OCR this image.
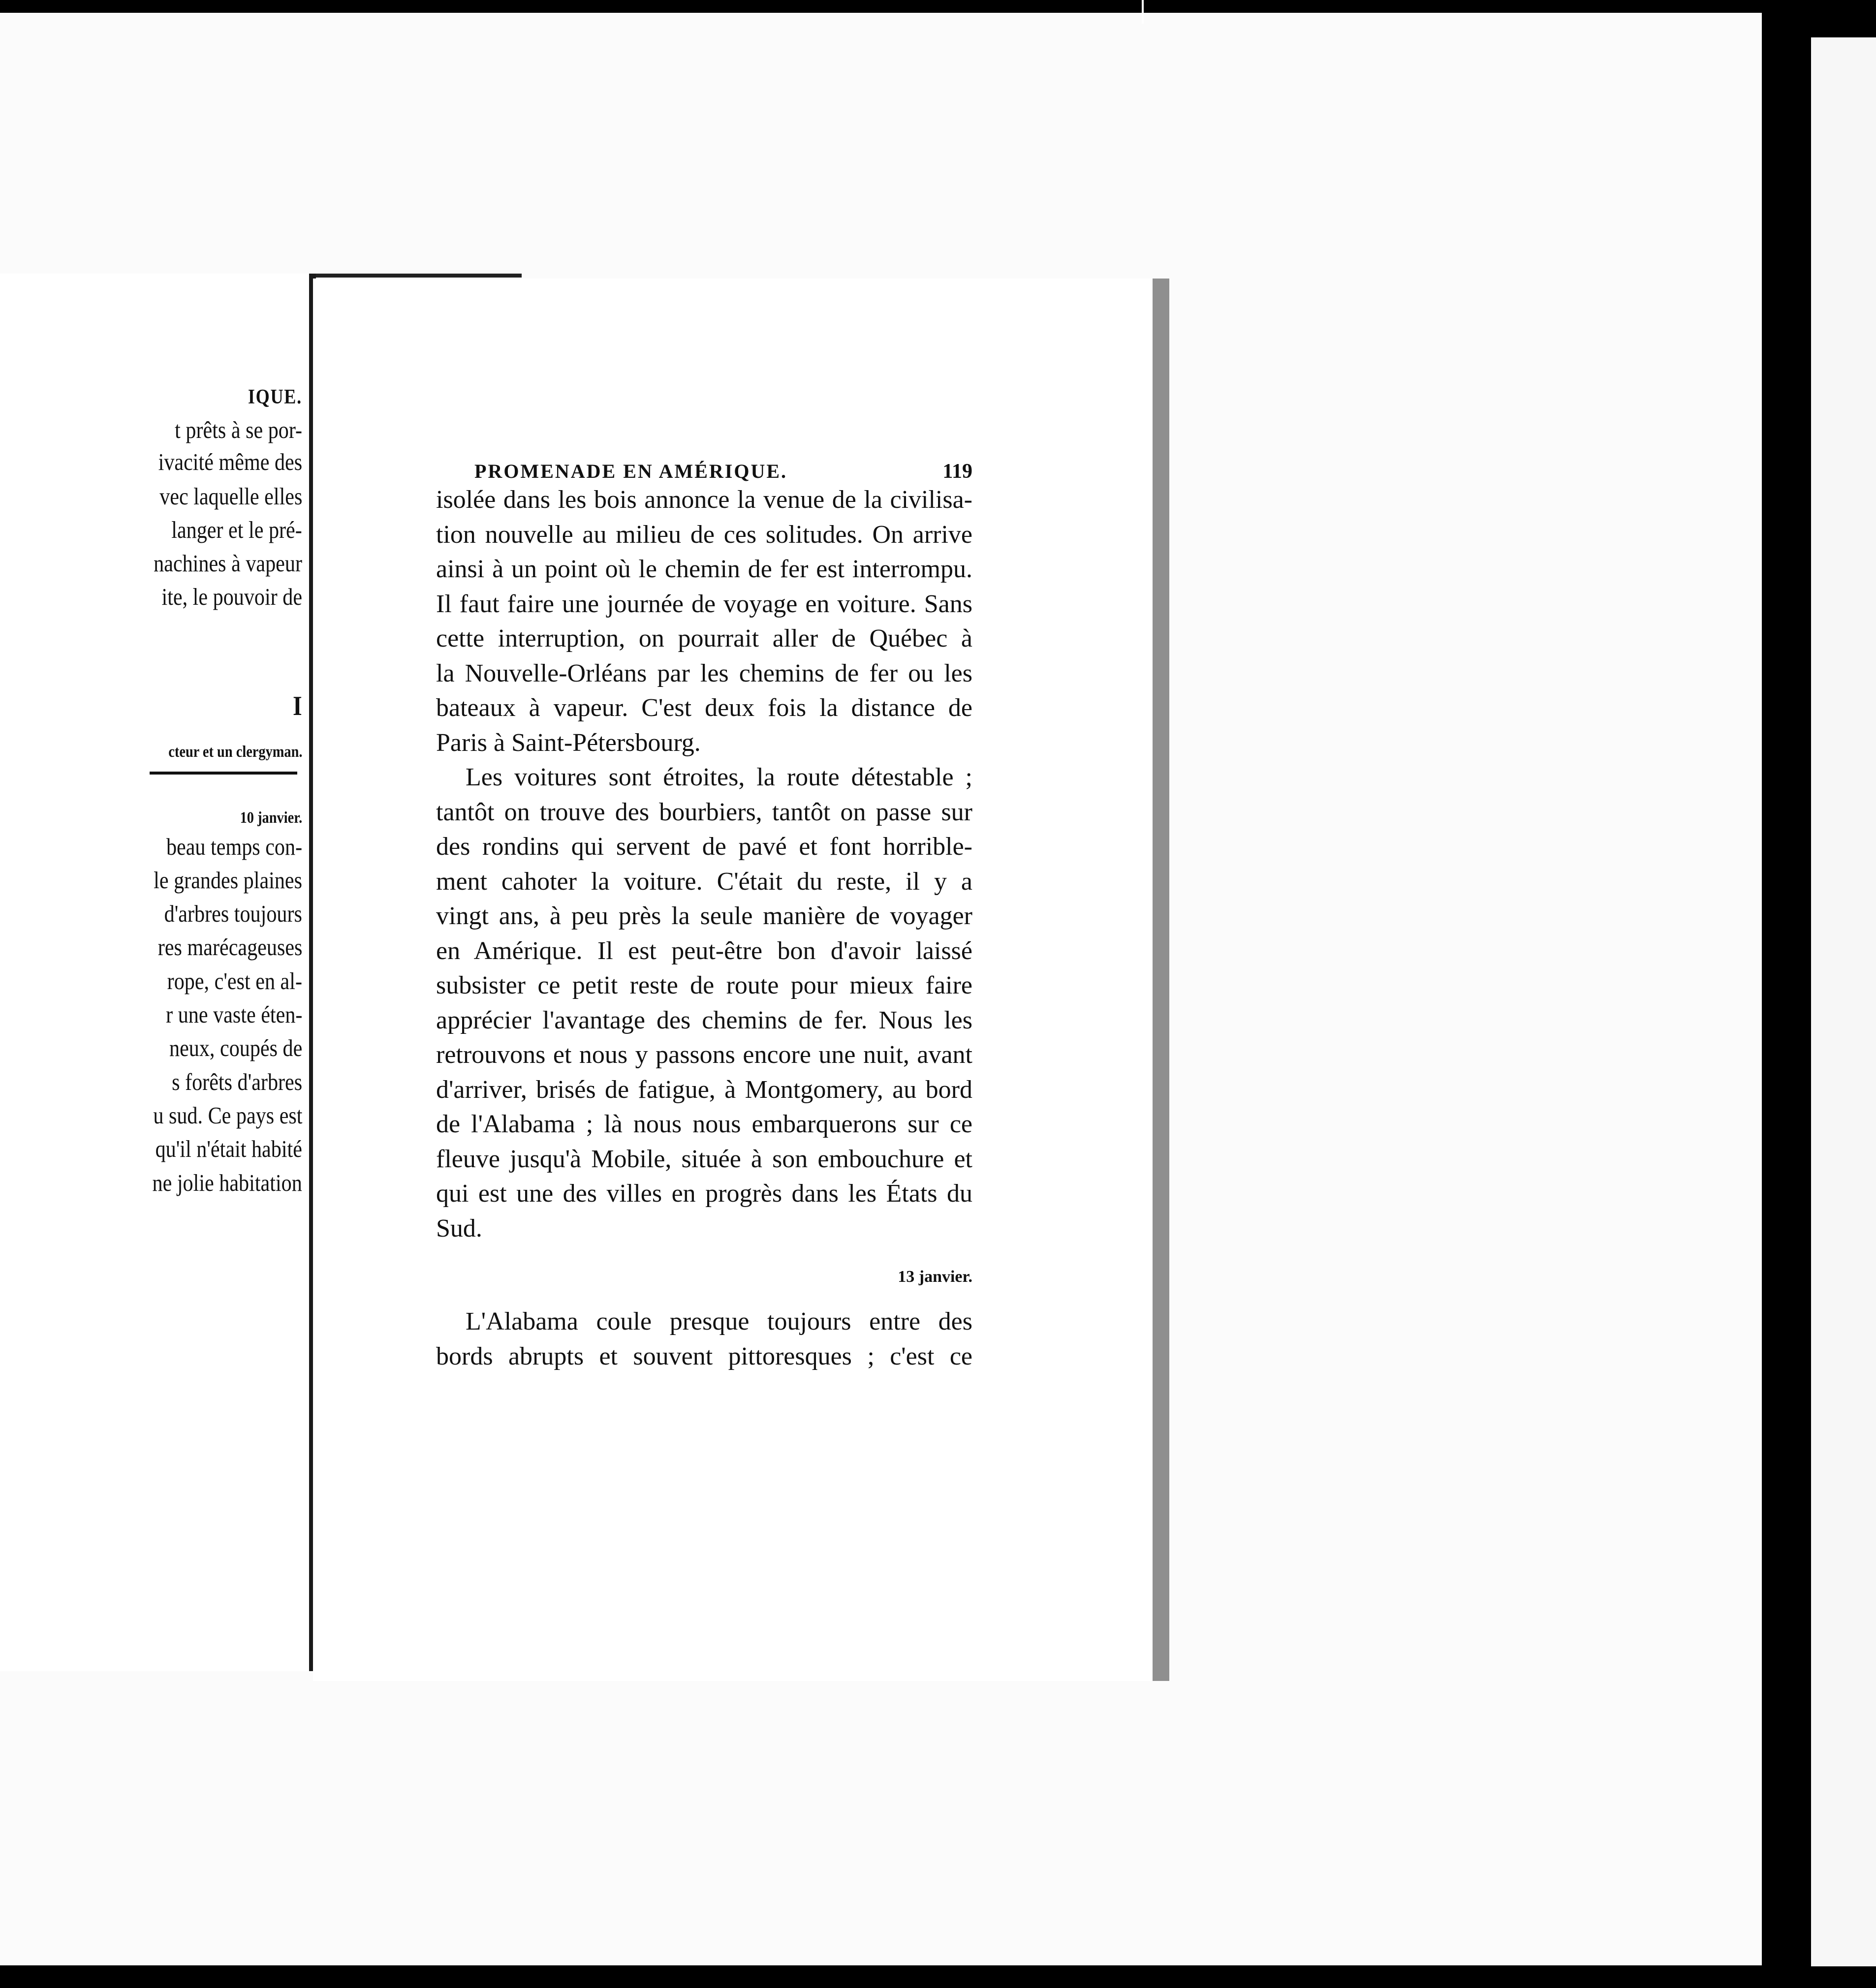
IQUE.
t prêts à se por-
ivacité même des
vec laquelle elles
langer et le pré-
nachines à vapeur
ite, le pouvoir de
I
cteur et un clergyman.
10 janvier.
beau temps con-
le grandes plaines
d'arbres toujours
res marécageuses
rope, c'est en al-
r une vaste éten-
neux, coupés de
s forêts d'arbres
u sud. Ce pays est
qu'il n'était habité
ne jolie habitation
PROMENADE EN AMÉRIQUE.	119
isolée dans les bois annonce la venue de la civilisa-
tion nouvelle au milieu de ces solitudes. On arrive
ainsi à un point où le chemin de fer est interrompu.
Il faut faire une journée de voyage en voiture. Sans
cette interruption, on pourrait aller de Québec à
la Nouvelle-Orléans par les chemins de fer ou les
bateaux à vapeur. C'est deux fois la distance de
Paris à Saint-Pétersbourg.
Les voitures sont étroites, la route détestable ;
tantôt on trouve des bourbiers, tantôt on passe sur
des rondins qui servent de pavé et font horrible-
ment cahoter la voiture. C'était du reste, il y a
vingt ans, à peu près la seule manière de voyager
en Amérique. Il est peut-être bon d'avoir laissé
subsister ce petit reste de route pour mieux faire
apprécier l'avantage des chemins de fer. Nous les
retrouvons et nous y passons encore une nuit, avant
d'arriver, brisés de fatigue, à Montgomery, au bord
de l'Alabama ; là nous nous embarquerons sur ce
fleuve jusqu'à Mobile, située à son embouchure et
qui est une des villes en progrès dans les États du
Sud.
13 janvier.
L'Alabama coule presque toujours entre des
bords abrupts et souvent pittoresques ; c'est ce
